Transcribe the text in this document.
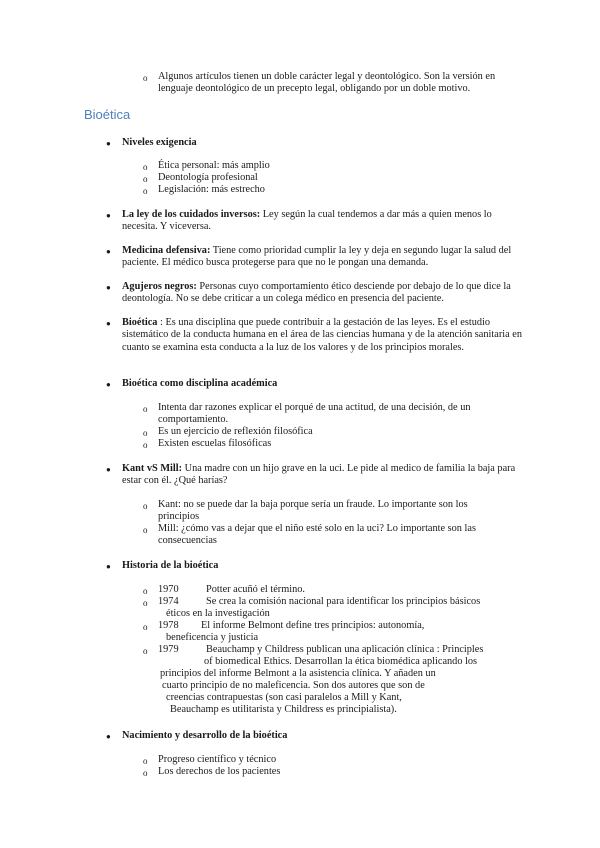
o Algunos artículos tienen un doble carácter legal y deontológico. Son la versión en lenguaje deontológico de un precepto legal, obligando por un doble motivo.
Bioética
● Niveles exigencia
o Ética personal: más amplio
o Deontología profesional
o Legislación: más estrecho
● La ley de los cuidados inversos: Ley según la cual tendemos a dar más a quien menos lo necesita. Y viceversa.
● Medicina defensiva: Tiene como prioridad cumplir la ley y deja en segundo lugar la salud del paciente. El médico busca protegerse para que no le pongan una demanda.
● Agujeros negros: Personas cuyo comportamiento ético desciende por debajo de lo que dice la deontología. No se debe criticar a un colega médico en presencia del paciente.
● Bioética : Es una disciplina que puede contribuir a la gestación de las leyes. Es el estudio sistemático de la conducta humana en el área de las ciencias humana y de la atención sanitaria en cuanto se examina esta conducta a la luz de los valores y de los principios morales.
● Bioética como disciplina académica
o Intenta dar razones explicar el porqué de una actitud, de una decisión, de un comportamiento.
o Es un ejercicio de reflexión filosófica
o Existen escuelas filosóficas
● Kant vS Mill: Una madre con un hijo grave en la uci. Le pide al medico de familia la baja para estar con él. ¿Qué harías?
o Kant: no se puede dar la baja porque sería un fraude. Lo importante son los principios
o Mill: ¿cómo vas a dejar que el niño esté solo en la uci? Lo importante son las consecuencias
● Historia de la bioética
o 1970	Potter acuñó el término.
o 1974	Se crea la comisión nacional para identificar los principios básicos
éticos en la investigación
o 1978 El informe Belmont define tres principios: autonomía,
beneficencia y justicia
o 1979	Beauchamp y Childress publican una aplicación clínica : Principles
of biomedical Ethics. Desarrollan la ética biomédica aplicando los
principios del informe Belmont a la asistencia clínica. Y añaden un
cuarto principio de no maleficencia. Son dos autores que son de
creencias contrapuestas (son casi paralelos a Mill y Kant,
Beauchamp es utilitarista y Childress es principialista).
● Nacimiento y desarrollo de la bioética
o Progreso científico y técnico
o Los derechos de los pacientes
